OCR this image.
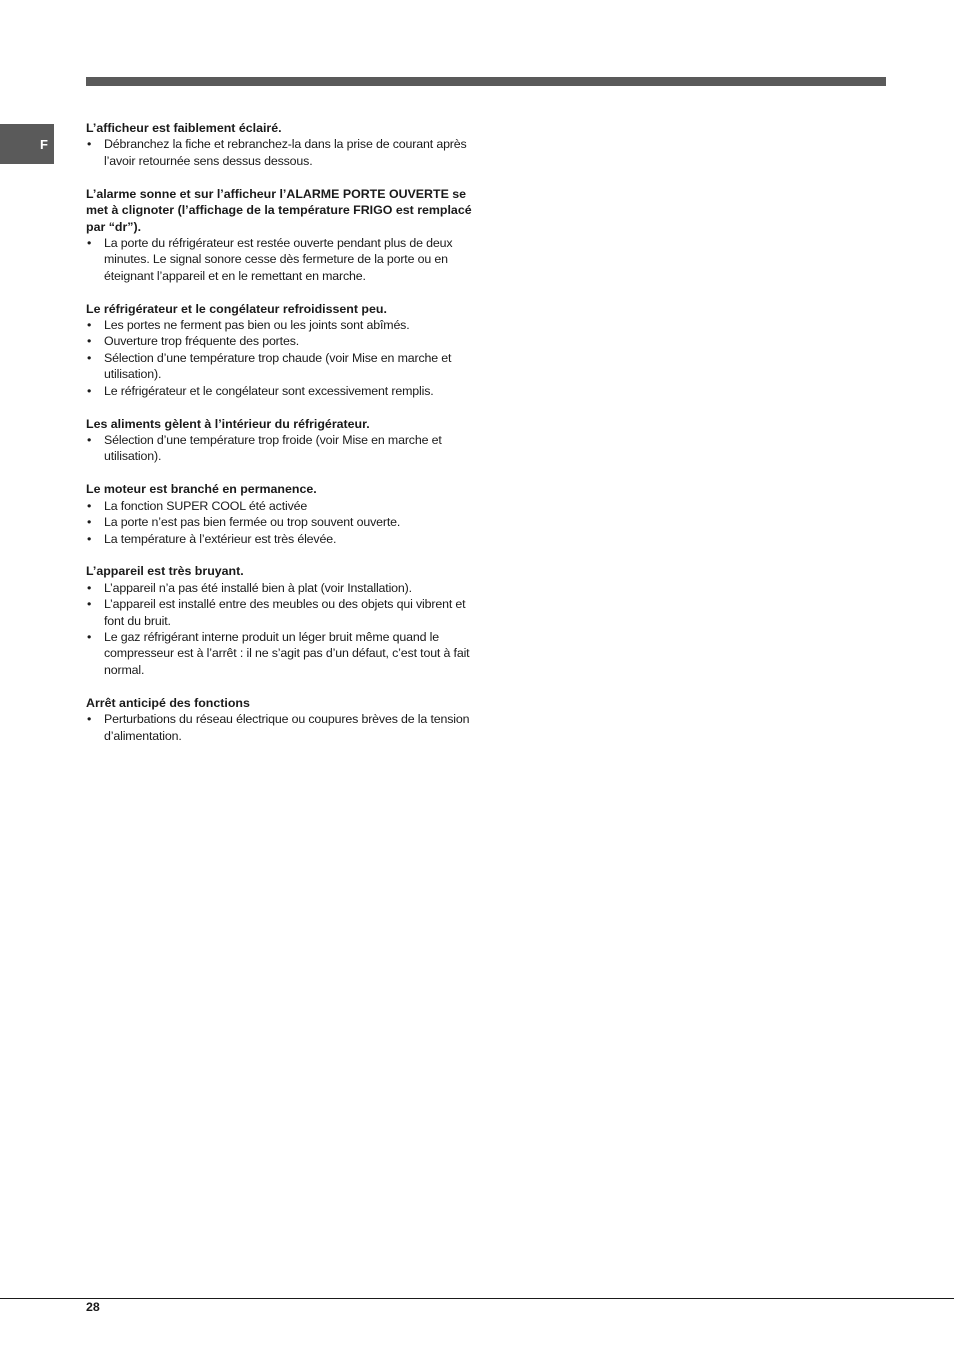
F

L’afficheur est faiblement éclairé.

• Débranchez la fiche et rebranchez-la dans la prise de courant après l’avoir retournée sens dessus dessous.

L’alarme sonne et sur l’afficheur l’ALARME PORTE OUVERTE se met à clignoter (l’affichage de la température FRIGO est remplacé par “dr”).

• La porte du réfrigérateur est restée ouverte pendant plus de deux minutes. Le signal sonore cesse dès fermeture de la porte ou en éteignant l’appareil et en le remettant en marche.

Le réfrigérateur et le congélateur refroidissent peu.

• Les portes ne ferment pas bien ou les joints sont abîmés.
• Ouverture trop fréquente des portes.
• Sélection d’une température trop chaude (voir Mise en marche et utilisation).
• Le réfrigérateur et le congélateur sont excessivement remplis.

Les aliments gèlent à l’intérieur du réfrigérateur.

• Sélection d’une température trop froide (voir Mise en marche et utilisation).

Le moteur est branché en permanence.

• La fonction SUPER COOL été activée
• La porte n’est pas bien fermée ou trop souvent ouverte.
• La température à l’extérieur est très élevée.

L’appareil est très bruyant.

• L’appareil n’a pas été installé bien à plat (voir Installation).
• L’appareil est installé entre des meubles ou des objets qui vibrent et font du bruit.
• Le gaz réfrigérant interne produit un léger bruit même quand le compresseur est à l’arrêt : il ne s’agit pas d’un défaut, c’est tout à fait normal.

Arrêt anticipé des fonctions

• Perturbations du réseau électrique ou coupures brèves de la tension d’alimentation.
28
